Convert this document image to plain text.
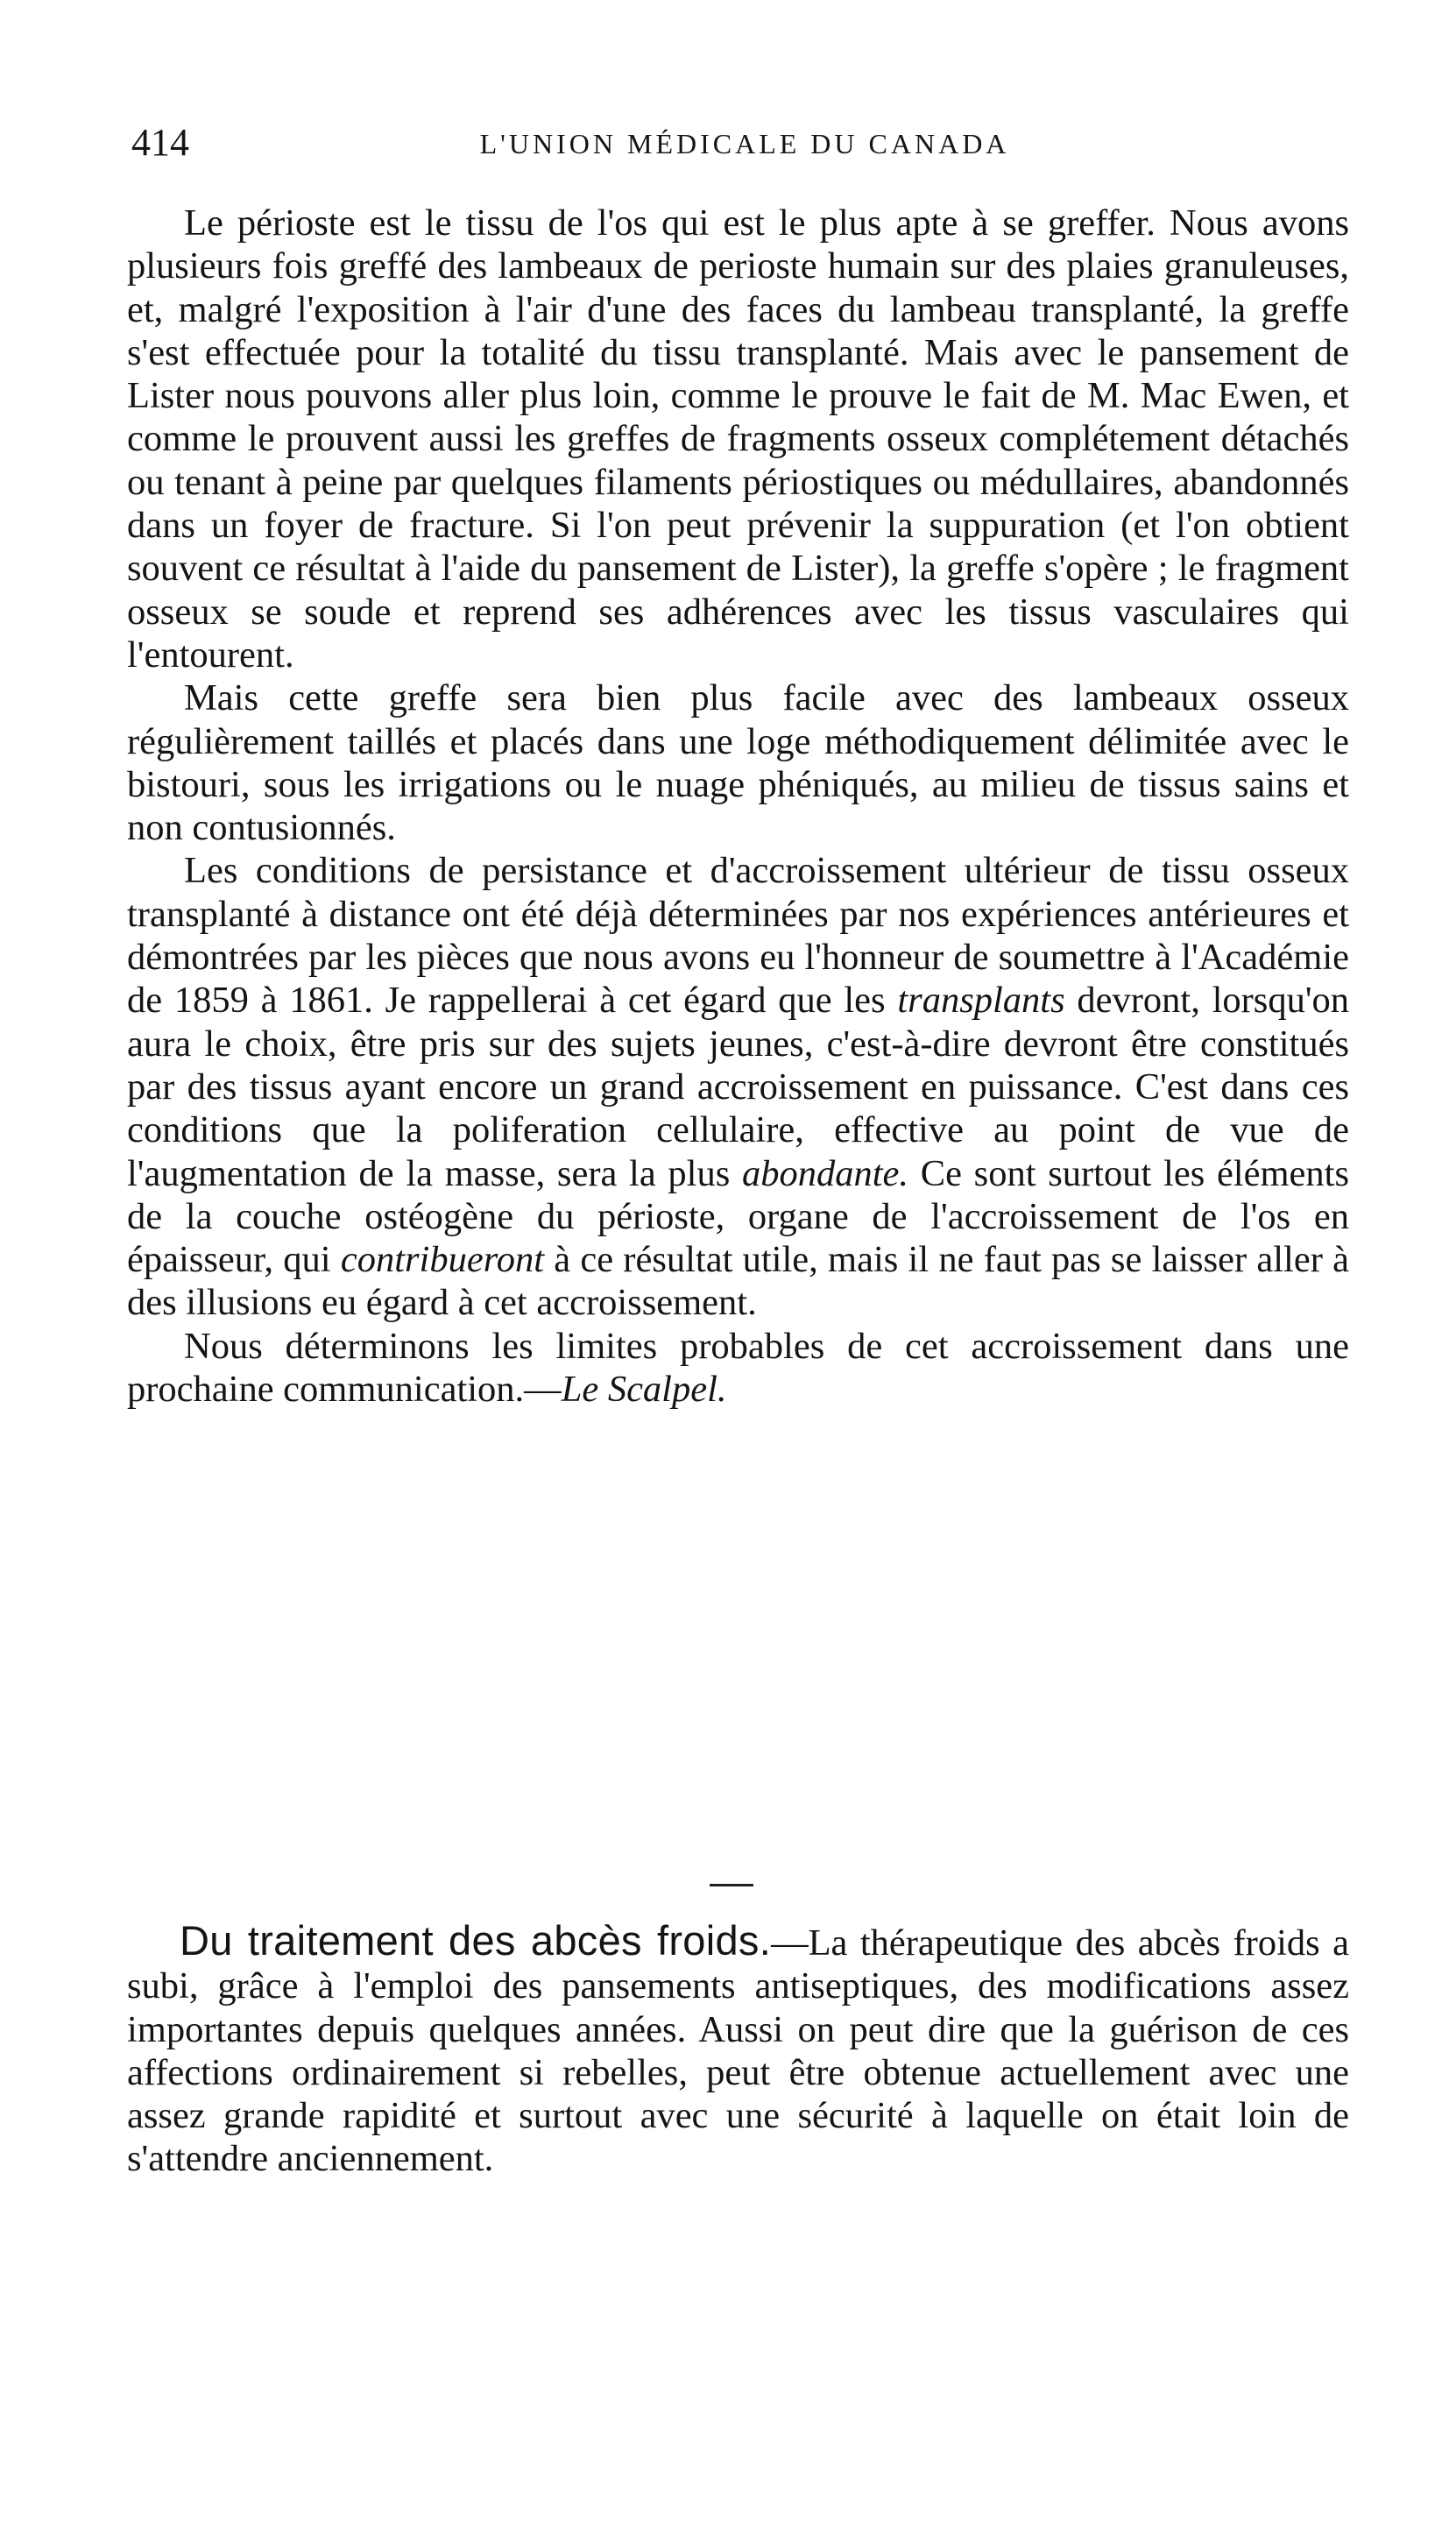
414	L'UNION MÉDICALE DU CANADA

Le périoste est le tissu de l'os qui est le plus apte à se greffer. Nous avons plusieurs fois greffé des lambeaux de perioste humain sur des plaies granuleuses, et, malgré l'exposition à l'air d'une des faces du lambeau transplanté, la greffe s'est effectuée pour la totalité du tissu transplanté. Mais avec le pansement de Lister nous pouvons aller plus loin, comme le prouve le fait de M. Mac Ewen, et comme le prouvent aussi les greffes de fragments osseux complétement détachés ou tenant à peine par quelques filaments périostiques ou médullaires, abandonnés dans un foyer de fracture. Si l'on peut prévenir la suppuration (et l'on obtient souvent ce résultat à l'aide du pansement de Lister), la greffe s'opère ; le fragment osseux se soude et reprend ses adhérences avec les tissus vasculaires qui l'entourent.

Mais cette greffe sera bien plus facile avec des lambeaux osseux régulièrement taillés et placés dans une loge méthodiquement délimitée avec le bistouri, sous les irrigations ou le nuage phéniqués, au milieu de tissus sains et non contusionnés.

Les conditions de persistance et d'accroissement ultérieur de tissu osseux transplanté à distance ont été déjà déterminées par nos expériences antérieures et démontrées par les pièces que nous avons eu l'honneur de soumettre à l'Académie de 1859 à 1861. Je rappellerai à cet égard que les transplants devront, lorsqu'on aura le choix, être pris sur des sujets jeunes, c'est-à-dire devront être constitués par des tissus ayant encore un grand accroissement en puissance. C'est dans ces conditions que la poliferation cellulaire, effective au point de vue de l'augmentation de la masse, sera la plus abondante. Ce sont surtout les éléments de la couche ostéogène du périoste, organe de l'accroissement de l'os en épaisseur, qui contribueront à ce résultat utile, mais il ne faut pas se laisser aller à des illusions eu égard à cet accroissement.

Nous déterminons les limites probables de cet accroissement dans une prochaine communication.—Le Scalpel.

Du traitement des abcès froids.—La thérapeutique des abcès froids a subi, grâce à l'emploi des pansements antiseptiques, des modifications assez importantes depuis quelques années. Aussi on peut dire que la guérison de ces affections ordinairement si rebelles, peut être obtenue actuellement avec une assez grande rapidité et surtout avec une sécurité à laquelle on était loin de s'attendre anciennement.
